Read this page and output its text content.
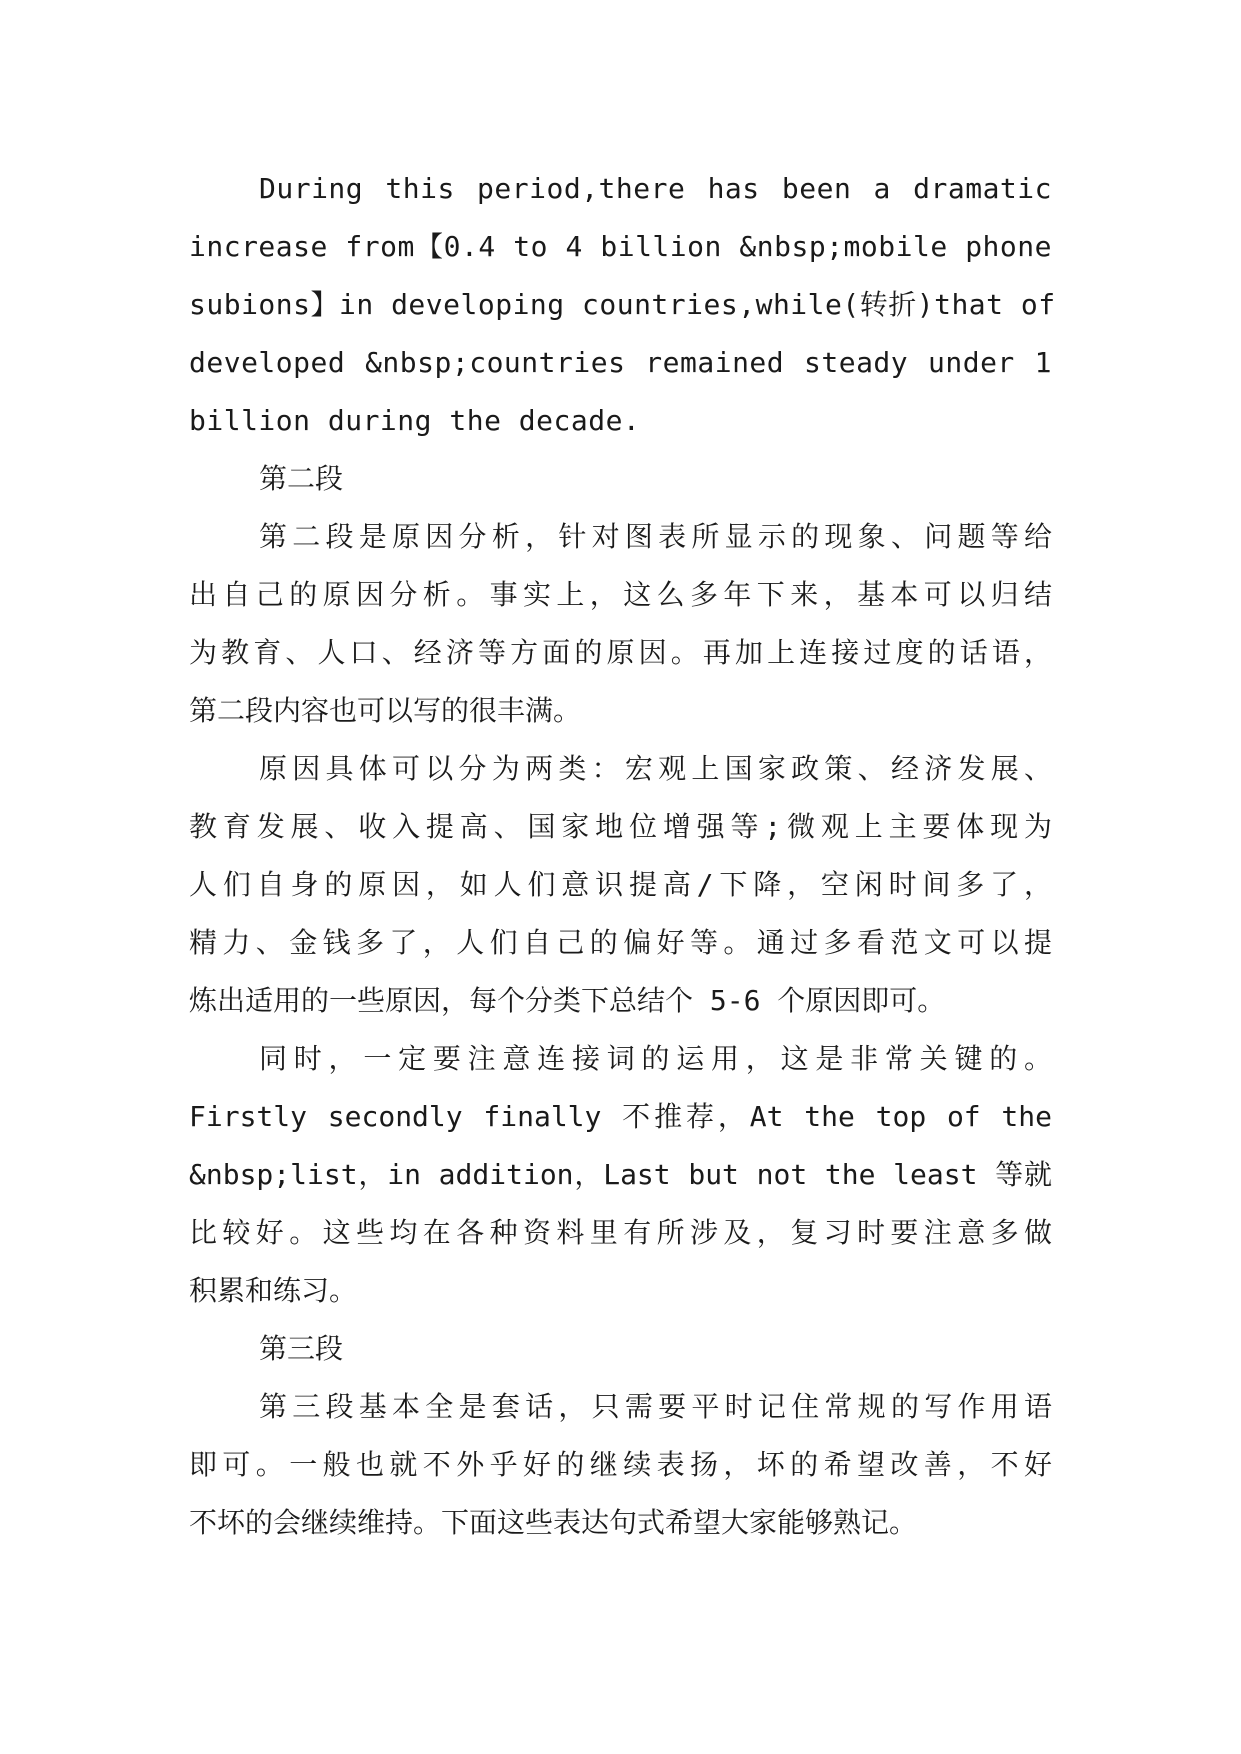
During this period,there has been a dramatic
increase from【0.4 to 4 billion &nbsp;mobile phone
subions】in developing countries,while(转折)that of
developed &nbsp;countries remained steady under 1
billion during the decade.
第二段
第二段是原因分析，针对图表所显示的现象、问题等给
出自己的原因分析。事实上，这么多年下来，基本可以归结
为教育、人口、经济等方面的原因。再加上连接过度的话语，
第二段内容也可以写的很丰满。
原因具体可以分为两类：宏观上国家政策、经济发展、
教育发展、收入提高、国家地位增强等;微观上主要体现为
人们自身的原因，如人们意识提高/下降，空闲时间多了，
精力、金钱多了，人们自己的偏好等。通过多看范文可以提
炼出适用的一些原因，每个分类下总结个 5-6 个原因即可。
同时，一定要注意连接词的运用，这是非常关键的。
Firstly secondly finally 不推荐，At the top of the
&nbsp;list，in addition，Last but not the least 等就
比较好。这些均在各种资料里有所涉及，复习时要注意多做
积累和练习。
第三段
第三段基本全是套话，只需要平时记住常规的写作用语
即可。一般也就不外乎好的继续表扬，坏的希望改善，不好
不坏的会继续维持。下面这些表达句式希望大家能够熟记。
